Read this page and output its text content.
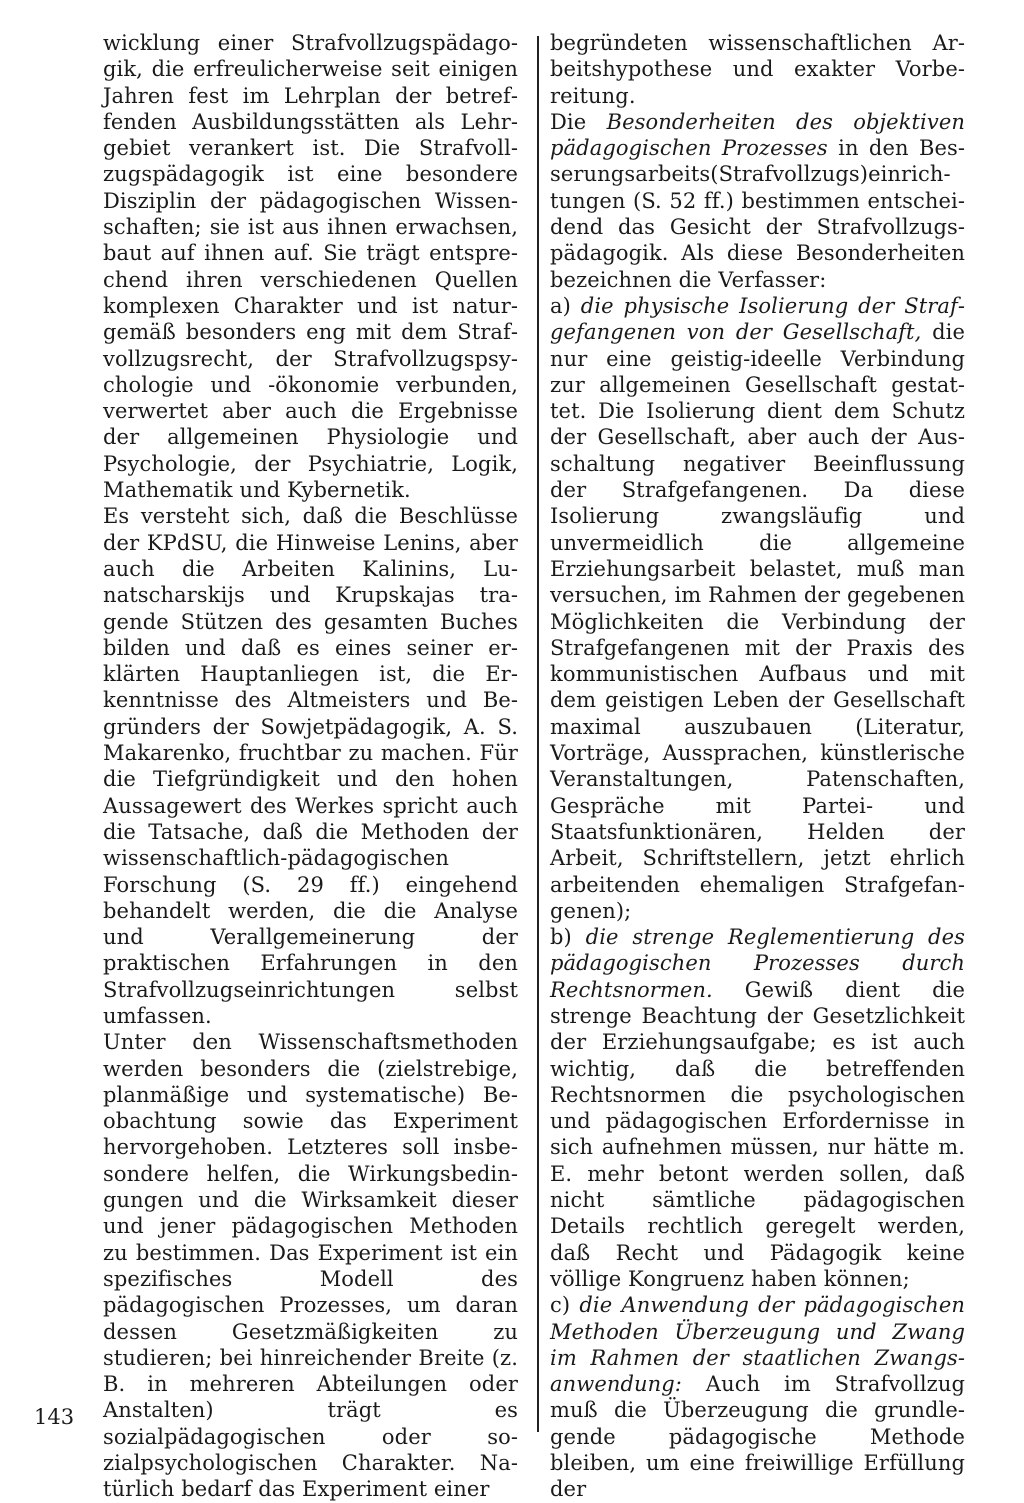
wicklung einer Strafvollzugspädagogik, die erfreulicherweise seit einigen Jahren fest im Lehrplan der betreffenden Ausbildungsstätten als Lehrgebiet verankert ist. Die Strafvollzugspädagogik ist eine besondere Disziplin der pädagogischen Wissenschaften; sie ist aus ihnen erwachsen, baut auf ihnen auf. Sie trägt entsprechend ihren verschiedenen Quellen komplexen Charakter und ist naturgemäß besonders eng mit dem Strafvollzugsrecht, der Strafvollzugspsychologie und -ökonomie verbunden, verwertet aber auch die Ergebnisse der allgemeinen Physiologie und Psychologie, der Psychiatrie, Logik, Mathematik und Kybernetik.

Es versteht sich, daß die Beschlüsse der KPdSU, die Hinweise Lenins, aber auch die Arbeiten Kalinins, Lunatscharskijs und Krupskajas tragende Stützen des gesamten Buches bilden und daß es eines seiner erklärten Hauptanliegen ist, die Erkenntnisse des Altmeisters und Begründers der Sowjetpädagogik, A. S. Makarenko, fruchtbar zu machen. Für die Tiefgründigkeit und den hohen Aussagewert des Werkes spricht auch die Tatsache, daß die Methoden der wissenschaftlich-pädagogischen Forschung (S. 29 ff.) eingehend behandelt werden, die die Analyse und Verallgemeinerung der praktischen Erfahrungen in den Strafvollzugseinrichtungen selbst umfassen.

Unter den Wissenschaftsmethoden werden besonders die (zielstrebige, planmäßige und systematische) Beobachtung sowie das Experiment hervorgehoben. Letzteres soll insbesondere helfen, die Wirkungsbedingungen und die Wirksamkeit dieser und jener pädagogischen Methoden zu bestimmen. Das Experiment ist ein spezifisches Modell des pädagogischen Prozesses, um daran dessen Gesetzmäßigkeiten zu studieren; bei hinreichender Breite (z. B. in mehreren Abteilungen oder Anstalten) trägt es sozialpädagogischen oder sozialpsychologischen Charakter. Natürlich bedarf das Experiment einer

begründeten wissenschaftlichen Arbeitshypothese und exakter Vorbereitung.

Die Besonderheiten des objektiven pädagogischen Prozesses in den Besserungsarbeits(Strafvollzugs)einrichtungen (S. 52 ff.) bestimmen entscheidend das Gesicht der Strafvollzugspädagogik. Als diese Besonderheiten bezeichnen die Verfasser:

a) die physische Isolierung der Strafgefangenen von der Gesellschaft, die nur eine geistig-ideelle Verbindung zur allgemeinen Gesellschaft gestattet. Die Isolierung dient dem Schutz der Gesellschaft, aber auch der Ausschaltung negativer Beeinflussung der Strafgefangenen. Da diese Isolierung zwangsläufig und unvermeidlich die allgemeine Erziehungsarbeit belastet, muß man versuchen, im Rahmen der gegebenen Möglichkeiten die Verbindung der Strafgefangenen mit der Praxis des kommunistischen Aufbaus und mit dem geistigen Leben der Gesellschaft maximal auszubauen (Literatur, Vorträge, Aussprachen, künstlerische Veranstaltungen, Patenschaften, Gespräche mit Partei- und Staatsfunktionären, Helden der Arbeit, Schriftstellern, jetzt ehrlich arbeitenden ehemaligen Strafgefangenen);

b) die strenge Reglementierung des pädagogischen Prozesses durch Rechtsnormen. Gewiß dient die strenge Beachtung der Gesetzlichkeit der Erziehungsaufgabe; es ist auch wichtig, daß die betreffenden Rechtsnormen die psychologischen und pädagogischen Erfordernisse in sich aufnehmen müssen, nur hätte m. E. mehr betont werden sollen, daß nicht sämtliche pädagogischen Details rechtlich geregelt werden, daß Recht und Pädagogik keine völlige Kongruenz haben können;

c) die Anwendung der pädagogischen Methoden Überzeugung und Zwang im Rahmen der staatlichen Zwangsanwendung: Auch im Strafvollzug muß die Überzeugung die grundlegende pädagogische Methode bleiben, um eine freiwillige Erfüllung der

143
